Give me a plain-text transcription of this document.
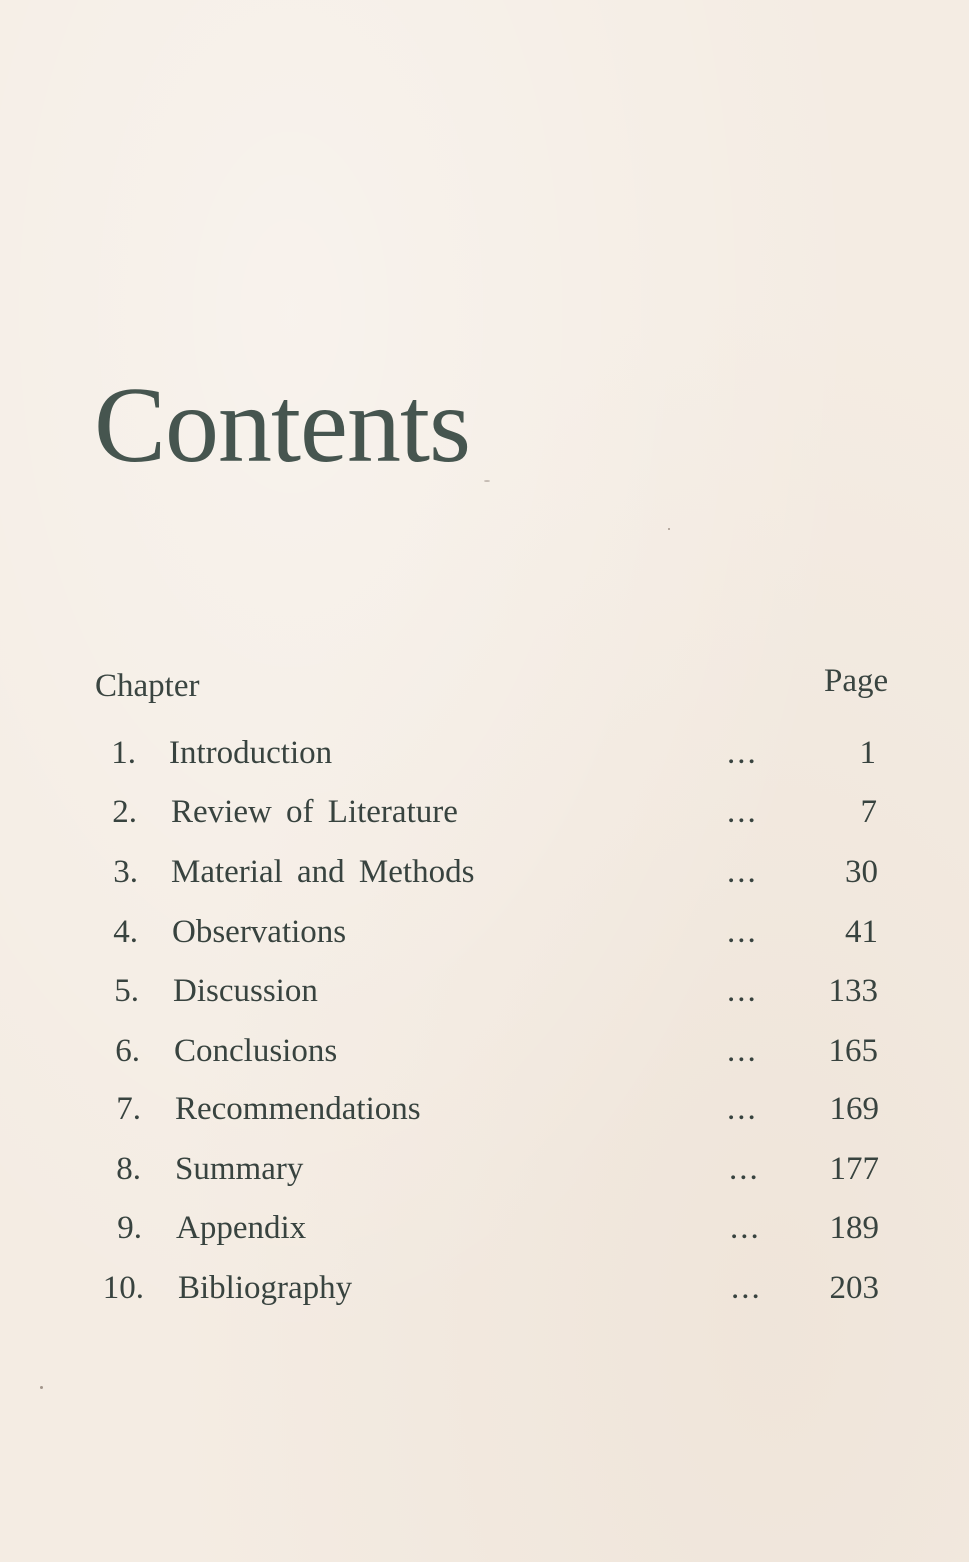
Contents
Chapter	Page
1. Introduction	...	1
2. Review of Literature	...	7
3. Material and Methods	...	30
4. Observations	...	41
5. Discussion	... 133
6. Conclusions	... 165
7. Recommendations	... 169
8. Summary	... 177
9. Appendix	... 189
10. Bibliography	... 203
